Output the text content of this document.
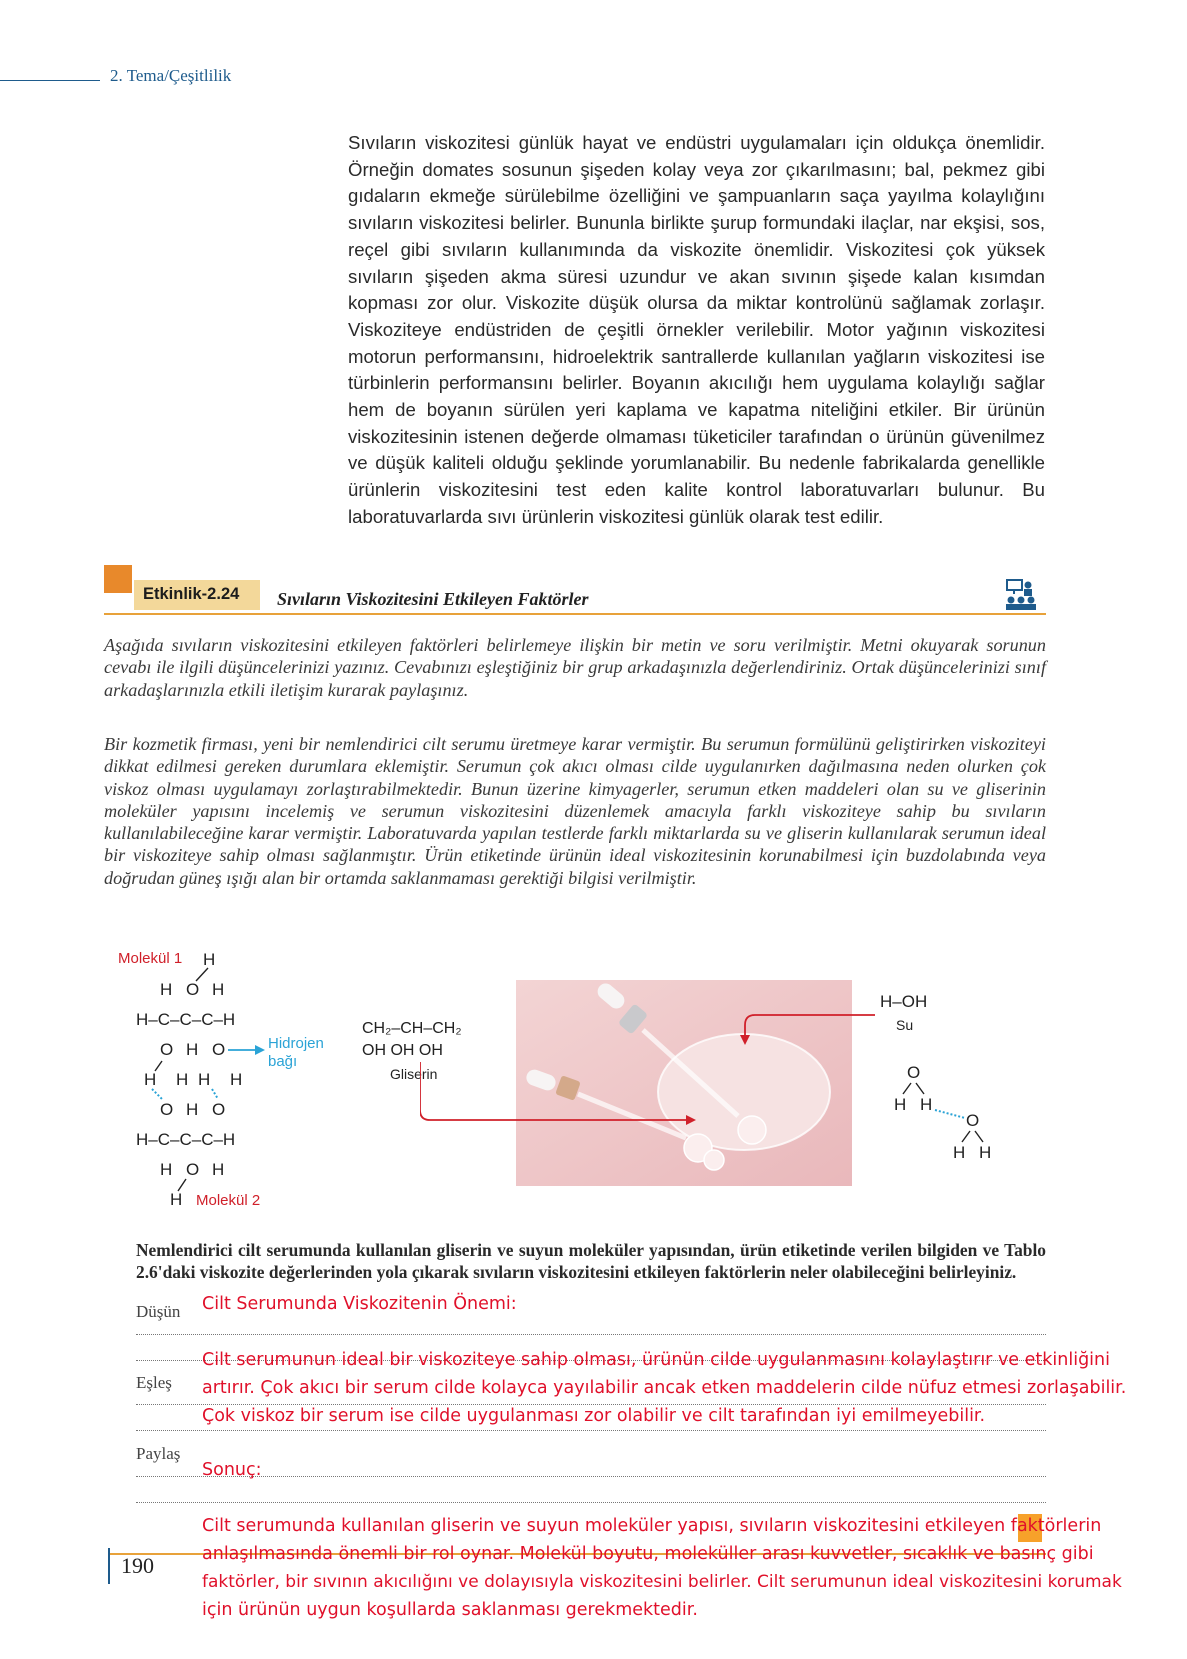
2. Tema/Çeşitlilik
Sıvıların viskozitesi günlük hayat ve endüstri uygulamaları için oldukça önemlidir. Örneğin domates sosunun şişeden kolay veya zor çıkarılmasını; bal, pekmez gibi gıdaların ekmeğe sürülebilme özelliğini ve şampuanların saça yayılma kolaylığını sıvıların viskozitesi belirler. Bununla birlikte şurup formundaki ilaçlar, nar ekşisi, sos, reçel gibi sıvıların kullanımında da viskozite önemlidir. Viskozitesi çok yüksek sıvıların şişeden akma süresi uzundur ve akan sıvının şişede kalan kısımdan kopması zor olur. Viskozite düşük olursa da miktar kontrolünü sağlamak zorlaşır. Viskoziteye endüstriden de çeşitli örnekler verilebilir. Motor yağının viskozitesi motorun performansını, hidroelektrik santrallerde kullanılan yağların viskozitesi ise türbinlerin performansını belirler. Boyanın akıcılığı hem uygulama kolaylığı sağlar hem de boyanın sürülen yeri kaplama ve kapatma niteliğini etkiler. Bir ürünün viskozitesinin istenen değerde olmaması tüketiciler tarafından o ürünün güvenilmez ve düşük kaliteli olduğu şeklinde yorumlanabilir. Bu nedenle fabrikalarda genellikle ürünlerin viskozitesini test eden kalite kontrol laboratuvarları bulunur. Bu laboratuvarlarda sıvı ürünlerin viskozitesi günlük olarak test edilir.
Etkinlik-2.24 Sıvıların Viskozitesini Etkileyen Faktörler
Aşağıda sıvıların viskozitesini etkileyen faktörleri belirlemeye ilişkin bir metin ve soru verilmiştir. Metni okuyarak sorunun cevabı ile ilgili düşüncelerinizi yazınız. Cevabınızı eşleştiğiniz bir grup arkadaşınızla değerlendiriniz. Ortak düşüncelerinizi sınıf arkadaşlarınızla etkili iletişim kurarak paylaşınız.
Bir kozmetik firması, yeni bir nemlendirici cilt serumu üretmeye karar vermiştir. Bu serumun formülünü geliştirirken viskoziteyi dikkat edilmesi gereken durumlara eklemiştir. Serumun çok akıcı olması cilde uygulanırken dağılmasına neden olurken çok viskoz olması uygulamayı zorlaştırabilmektedir. Bunun üzerine kimyagerler, serumun etken maddeleri olan su ve gliserinin moleküler yapısını incelemiş ve serumun viskozitesini düzenlemek amacıyla farklı viskoziteye sahip bu sıvıların kullanılabileceğine karar vermiştir. Laboratuvarda yapılan testlerde farklı miktarlarda su ve gliserin kullanılarak serumun ideal bir viskoziteye sahip olması sağlanmıştır. Ürün etiketinde ürünün ideal viskozitesinin korunabilmesi için buzdolabında veya doğrudan güneş ışığı alan bir ortamda saklanmaması gerektiği bilgisi verilmiştir.
Molekül 1 H
H O H
H–C–C–C–H
O H O
H H H H
O H O
H–C–C–C–H
H O H
H Molekül 2
Hidrojen
bağı
CH₂–CH–CH₂
OH OH OH
Gliserin
H–OH
Su
O
H H
O
H H
Nemlendirici cilt serumunda kullanılan gliserin ve suyun moleküler yapısından, ürün etiketinde verilen bilgiden ve Tablo 2.6'daki viskozite değerlerinden yola çıkarak sıvıların viskozitesini etkileyen faktörlerin neler olabileceğini belirleyiniz.
Düşün
Eşleş
Paylaş
Cilt Serumunda Viskozitenin Önemi:
Cilt serumunun ideal bir viskoziteye sahip olması, ürünün cilde uygulanmasını kolaylaştırır ve etkinliğini
artırır. Çok akıcı bir serum cilde kolayca yayılabilir ancak etken maddelerin cilde nüfuz etmesi zorlaşabilir.
Çok viskoz bir serum ise cilde uygulanması zor olabilir ve cilt tarafından iyi emilmeyebilir.
Sonuç:
190
Cilt serumunda kullanılan gliserin ve suyun moleküler yapısı, sıvıların viskozitesini etkileyen faktörlerin
anlaşılmasında önemli bir rol oynar. Molekül boyutu, moleküller arası kuvvetler, sıcaklık ve basınç gibi
faktörler, bir sıvının akıcılığını ve dolayısıyla viskozitesini belirler. Cilt serumunun ideal viskozitesini korumak
için ürünün uygun koşullarda saklanması gerekmektedir.
